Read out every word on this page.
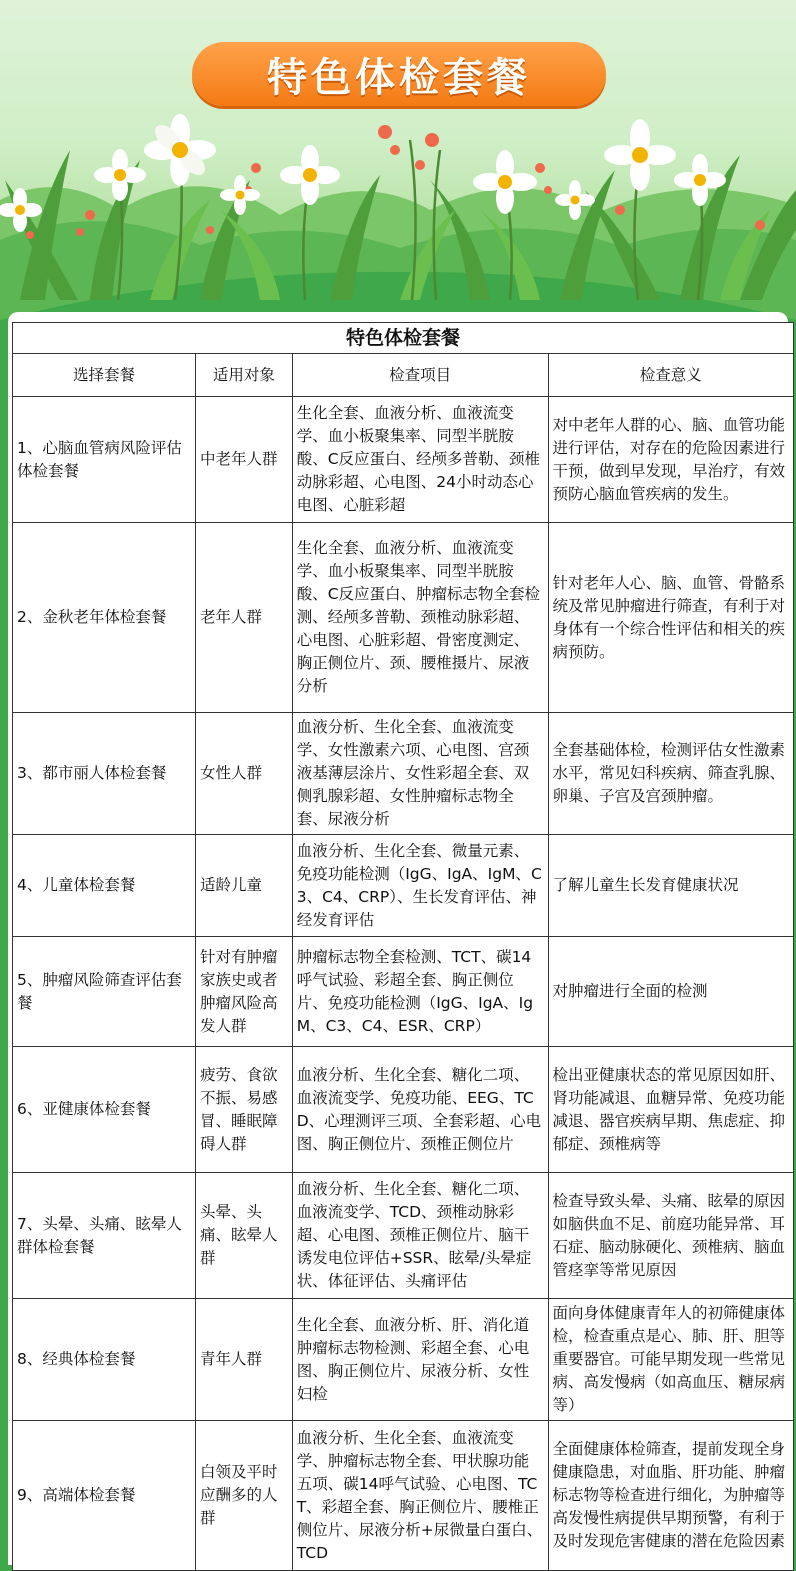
特色体检套餐
特色体检套餐			
选择套餐	适用对象	检查项目	检查意义
1、心脑血管病风险评估体检套餐	中老年人群	生化全套、血液分析、血液流变学、血小板聚集率、同型半胱胺酸、C反应蛋白、经颅多普勒、颈椎动脉彩超、心电图、24小时动态心电图、心脏彩超	对中老年人群的心、脑、血管功能进行评估，对存在的危险因素进行干预，做到早发现，早治疗，有效预防心脑血管疾病的发生。
2、金秋老年体检套餐	老年人群	生化全套、血液分析、血液流变学、血小板聚集率、同型半胱胺酸、C反应蛋白、肿瘤标志物全套检测、经颅多普勒、颈椎动脉彩超、心电图、心脏彩超、骨密度测定、胸正侧位片、颈、腰椎摄片、尿液分析	针对老年人心、脑、血管、骨骼系统及常见肿瘤进行筛查，有利于对身体有一个综合性评估和相关的疾病预防。
3、都市丽人体检套餐	女性人群	血液分析、生化全套、血液流变学、女性激素六项、心电图、宫颈液基薄层涂片、女性彩超全套、双侧乳腺彩超、女性肿瘤标志物全套、尿液分析	全套基础体检，检测评估女性激素水平，常见妇科疾病、筛查乳腺、卵巢、子宫及宫颈肿瘤。
4、儿童体检套餐	适龄儿童	血液分析、生化全套、微量元素、免疫功能检测（IgG、IgA、IgM、C3、C4、CRP）、生长发育评估、神经发育评估	了解儿童生长发育健康状况
5、肿瘤风险筛查评估套餐	针对有肿瘤家族史或者肿瘤风险高发人群	肿瘤标志物全套检测、TCT、碳14呼气试验、彩超全套、胸正侧位片、免疫功能检测（IgG、IgA、IgM、C3、C4、ESR、CRP）	对肿瘤进行全面的检测
6、亚健康体检套餐	疲劳、食欲不振、易感冒、睡眠障碍人群	血液分析、生化全套、糖化二项、血液流变学、免疫功能、EEG、TCD、心理测评三项、全套彩超、心电图、胸正侧位片、颈椎正侧位片	检出亚健康状态的常见原因如肝、肾功能减退、血糖异常、免疫功能减退、器官疾病早期、焦虑症、抑郁症、颈椎病等
7、头晕、头痛、眩晕人群体检套餐	头晕、头痛、眩晕人群	血液分析、生化全套、糖化二项、血液流变学、TCD、颈椎动脉彩超、心电图、颈椎正侧位片、脑干诱发电位评估+SSR、眩晕/头晕症状、体征评估、头痛评估	检查导致头晕、头痛、眩晕的原因如脑供血不足、前庭功能异常、耳石症、脑动脉硬化、颈椎病、脑血管痉挛等常见原因
8、经典体检套餐	青年人群	生化全套、血液分析、肝、消化道肿瘤标志物检测、彩超全套、心电图、胸正侧位片、尿液分析、女性妇检	面向身体健康青年人的初筛健康体检，检查重点是心、肺、肝、胆等重要器官。可能早期发现一些常见病、高发慢病（如高血压、糖尿病等）
9、高端体检套餐	白领及平时应酬多的人群	血液分析、生化全套、血液流变学、肿瘤标志物全套、甲状腺功能五项、碳14呼气试验、心电图、TCT、彩超全套、胸正侧位片、腰椎正侧位片、尿液分析+尿微量白蛋白、TCD	全面健康体检筛查，提前发现全身健康隐患，对血脂、肝功能、肿瘤标志物等检查进行细化，为肿瘤等高发慢性病提供早期预警，有利于及时发现危害健康的潜在危险因素
